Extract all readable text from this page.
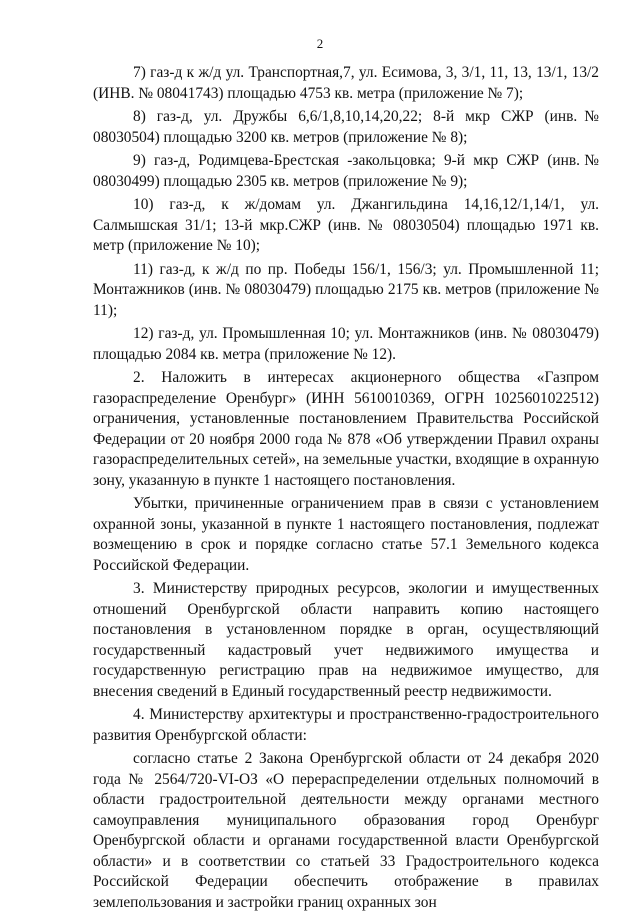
2

7) газ-д к ж/д ул. Транспортная,7, ул. Есимова, 3, 3/1, 11, 13, 13/1, 13/2 (ИНВ. № 08041743) площадью 4753 кв. метра (приложение № 7);

8) газ-д, ул. Дружбы 6,6/1,8,10,14,20,22; 8-й мкр СЖР (инв.№ 08030504) площадью 3200 кв. метров (приложение № 8);

9) газ-д, Родимцева-Брестская -закольцовка; 9-й мкр СЖР (инв.№ 08030499) площадью 2305 кв. метров (приложение № 9);

10) газ-д, к ж/домам ул. Джангильдина 14,16,12/1,14/1, ул. Салмышская 31/1; 13-й мкр.СЖР (инв. № 08030504) площадью 1971 кв. метр (приложение № 10);

11) газ-д, к ж/д по пр. Победы 156/1, 156/3; ул. Промышленной 11; Монтажников (инв. № 08030479) площадью 2175 кв. метров (приложение № 11);

12) газ-д, ул. Промышленная 10; ул. Монтажников (инв. № 08030479) площадью 2084 кв. метра (приложение № 12).

2. Наложить в интересах акционерного общества «Газпром газораспределение Оренбург» (ИНН 5610010369, ОГРН 1025601022512) ограничения, установленные постановлением Правительства Российской Федерации от 20 ноября 2000 года № 878 «Об утверждении Правил охраны газораспределительных сетей», на земельные участки, входящие в охранную зону, указанную в пункте 1 настоящего постановления.

Убытки, причиненные ограничением прав в связи с установлением охранной зоны, указанной в пункте 1 настоящего постановления, подлежат возмещению в срок и порядке согласно статье 57.1 Земельного кодекса Российской Федерации.

3. Министерству природных ресурсов, экологии и имущественных отношений Оренбургской области направить копию настоящего постановления в установленном порядке в орган, осуществляющий государственный кадастровый учет недвижимого имущества и государственную регистрацию прав на недвижимое имущество, для внесения сведений в Единый государственный реестр недвижимости.

4. Министерству архитектуры и пространственно-градостроительного развития Оренбургской области:

согласно статье 2 Закона Оренбургской области от 24 декабря 2020 года № 2564/720-VI-ОЗ «О перераспределении отдельных полномочий в области градостроительной деятельности между органами местного самоуправления муниципального образования город Оренбург Оренбургской области и органами государственной власти Оренбургской области» и в соответствии со статьей 33 Градостроительного кодекса Российской Федерации обеспечить отображение в правилах землепользования и застройки границ охранных зон
